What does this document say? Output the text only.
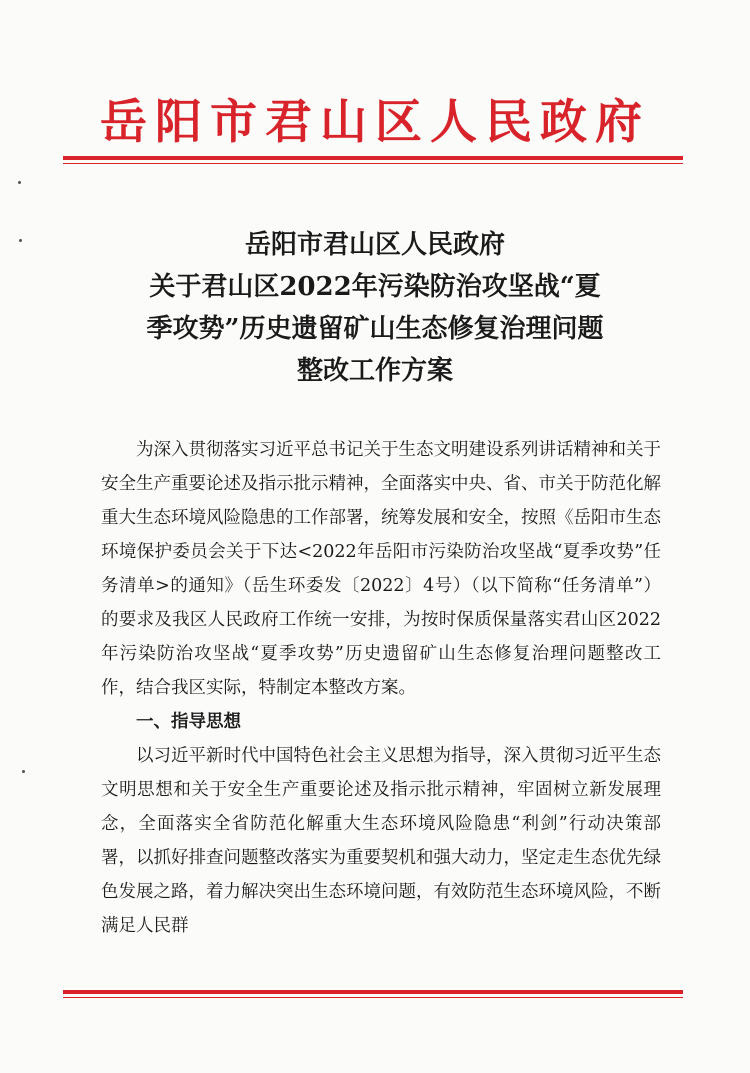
岳阳市君山区人民政府
岳阳市君山区人民政府
关于君山区2022年污染防治攻坚战“夏
季攻势”历史遗留矿山生态修复治理问题
整改工作方案

为深入贯彻落实习近平总书记关于生态文明建设系列讲话精神和关于安全生产重要论述及指示批示精神，全面落实中央、省、市关于防范化解重大生态环境风险隐患的工作部署，统筹发展和安全，按照《岳阳市生态环境保护委员会关于下达<2022年岳阳市污染防治攻坚战“夏季攻势”任务清单>的通知》（岳生环委发〔2022〕4号）（以下简称“任务清单”）的要求及我区人民政府工作统一安排，为按时保质保量落实君山区2022年污染防治攻坚战“夏季攻势”历史遗留矿山生态修复治理问题整改工作，结合我区实际，特制定本整改方案。

一、指导思想

以习近平新时代中国特色社会主义思想为指导，深入贯彻习近平生态文明思想和关于安全生产重要论述及指示批示精神，牢固树立新发展理念，全面落实全省防范化解重大生态环境风险隐患“利剑”行动决策部署，以抓好排查问题整改落实为重要契机和强大动力，坚定走生态优先绿色发展之路，着力解决突出生态环境问题，有效防范生态环境风险，不断满足人民群
